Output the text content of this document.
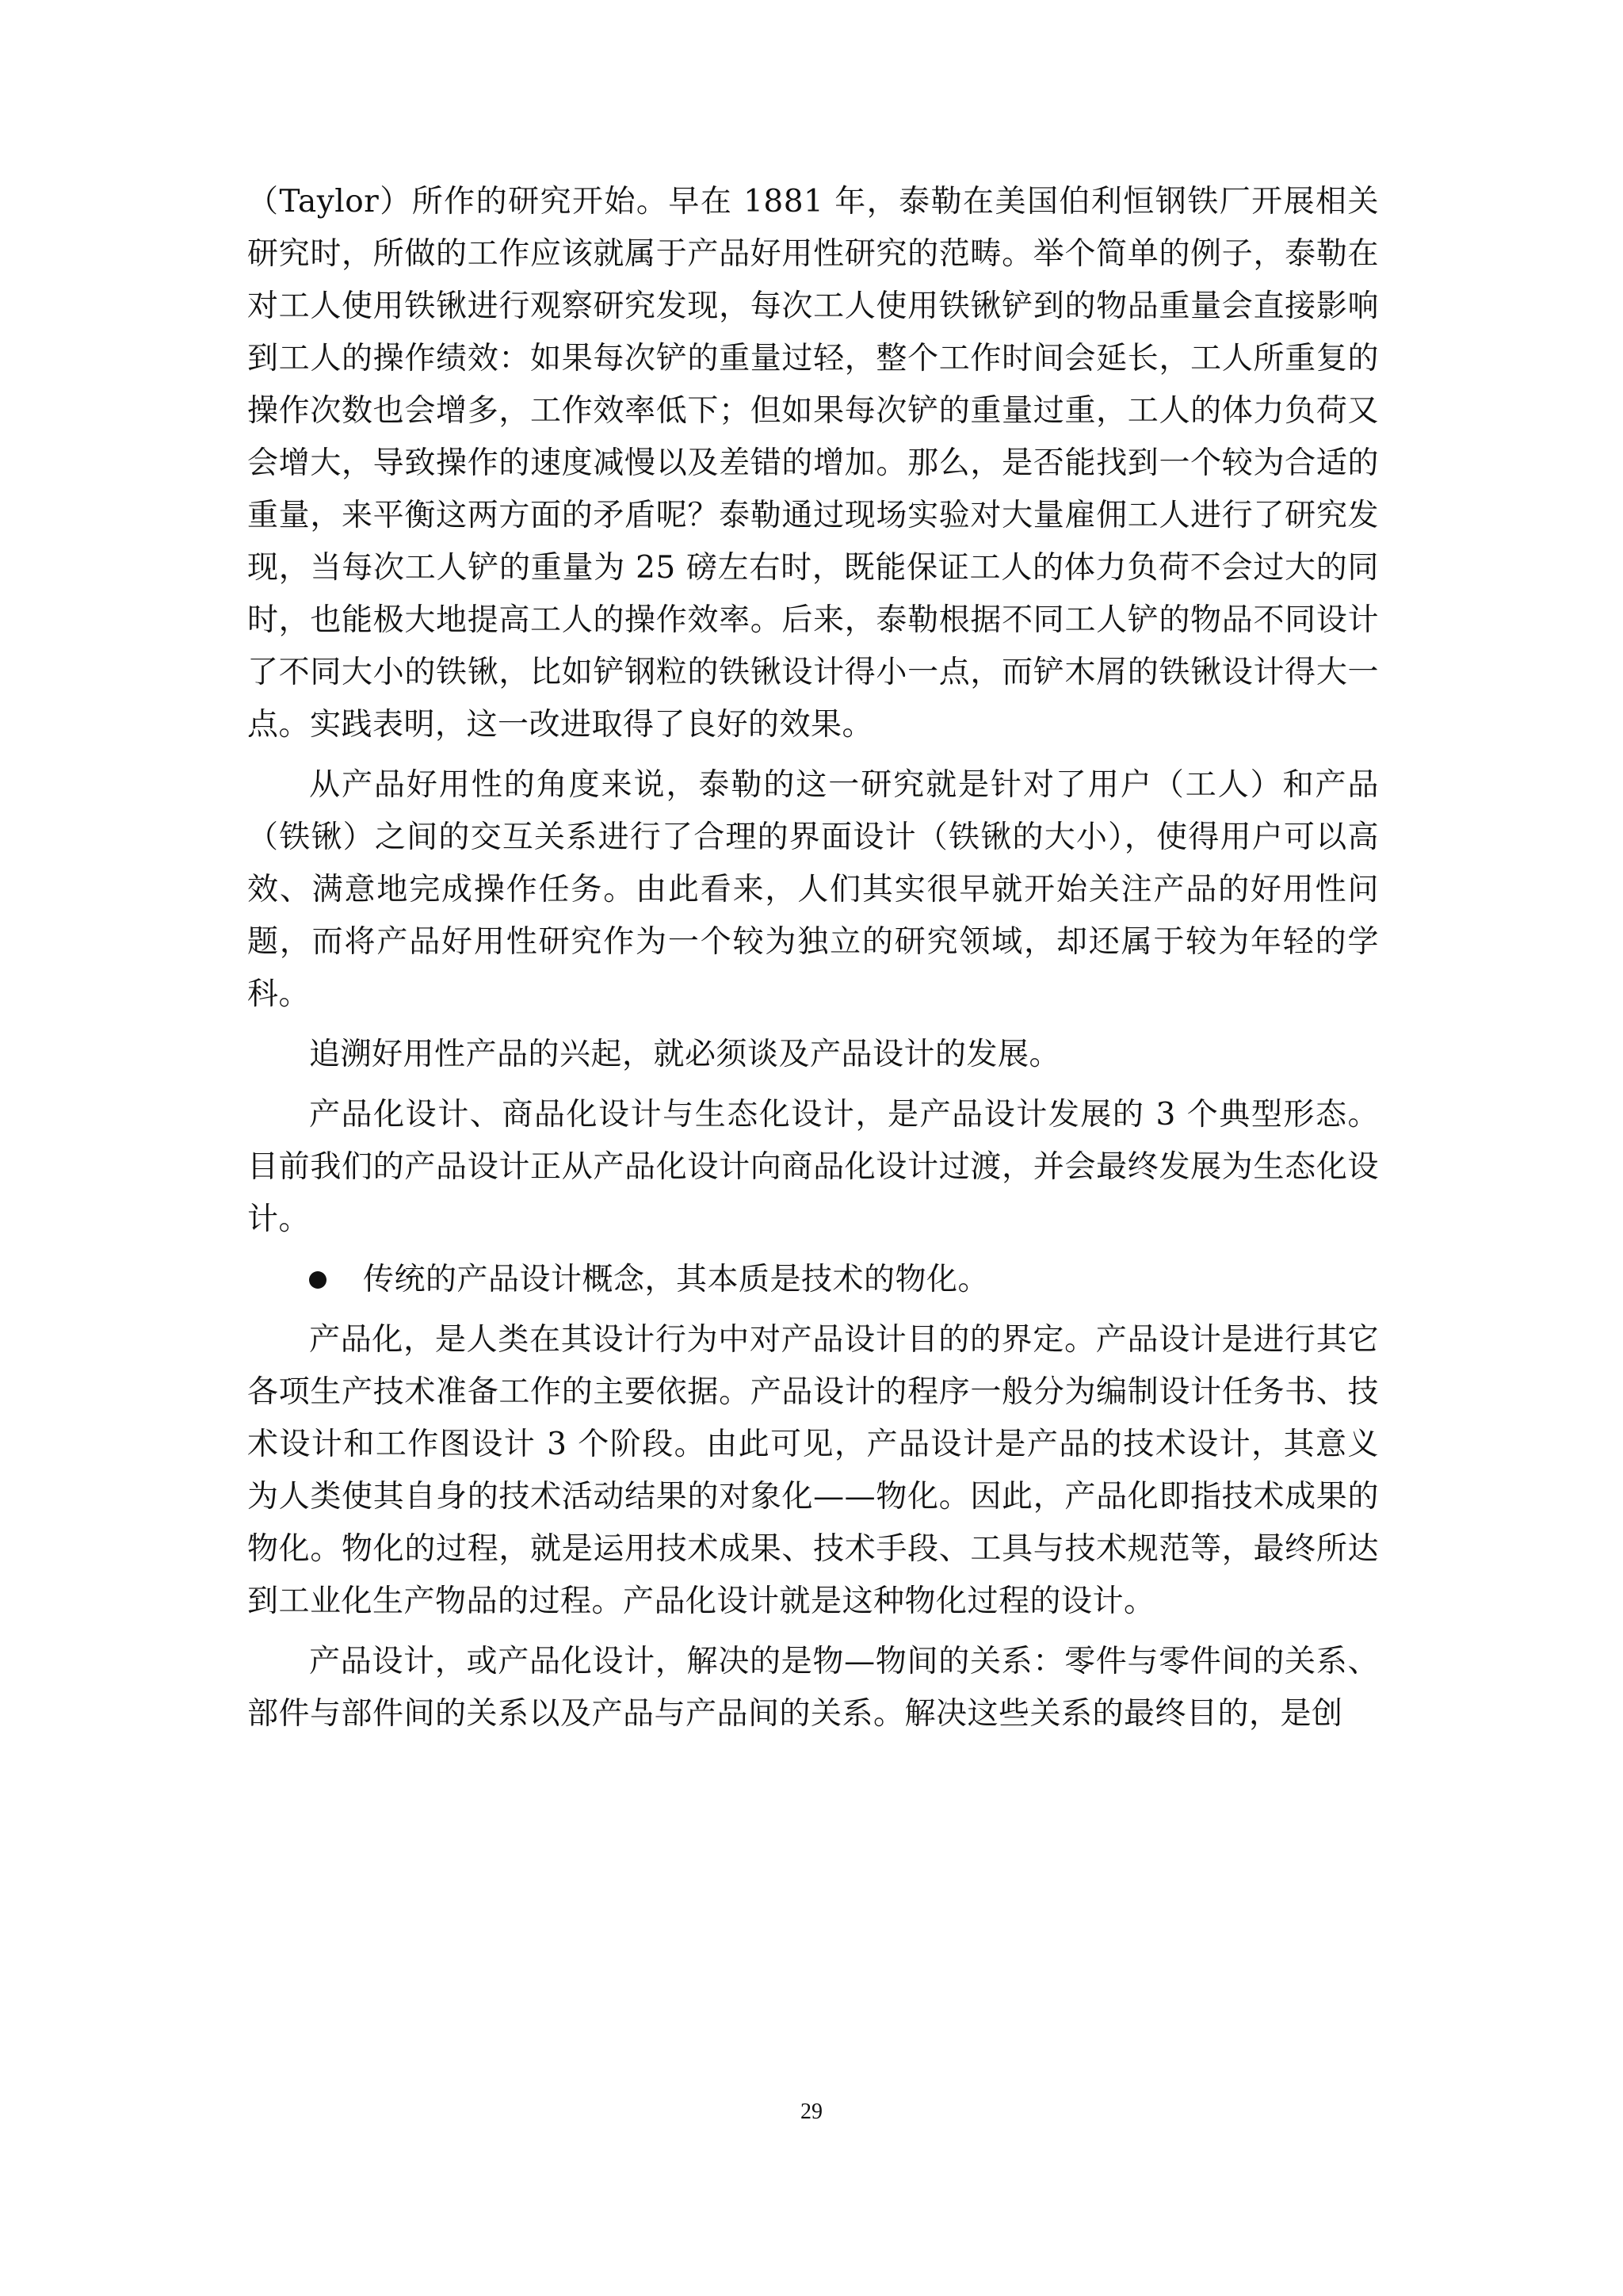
（Taylor）所作的研究开始。早在 1881 年，泰勒在美国伯利恒钢铁厂开展相关研究时，所做的工作应该就属于产品好用性研究的范畴。举个简单的例子，泰勒在对工人使用铁锹进行观察研究发现，每次工人使用铁锹铲到的物品重量会直接影响到工人的操作绩效：如果每次铲的重量过轻，整个工作时间会延长，工人所重复的操作次数也会增多，工作效率低下；但如果每次铲的重量过重，工人的体力负荷又会增大，导致操作的速度减慢以及差错的增加。那么，是否能找到一个较为合适的重量，来平衡这两方面的矛盾呢？泰勒通过现场实验对大量雇佣工人进行了研究发现，当每次工人铲的重量为 25 磅左右时，既能保证工人的体力负荷不会过大的同时，也能极大地提高工人的操作效率。后来，泰勒根据不同工人铲的物品不同设计了不同大小的铁锹，比如铲钢粒的铁锹设计得小一点，而铲木屑的铁锹设计得大一点。实践表明，这一改进取得了良好的效果。

从产品好用性的角度来说，泰勒的这一研究就是针对了用户（工人）和产品（铁锹）之间的交互关系进行了合理的界面设计（铁锹的大小），使得用户可以高效、满意地完成操作任务。由此看来，人们其实很早就开始关注产品的好用性问题，而将产品好用性研究作为一个较为独立的研究领域，却还属于较为年轻的学科。

追溯好用性产品的兴起，就必须谈及产品设计的发展。

产品化设计、商品化设计与生态化设计，是产品设计发展的 3 个典型形态。目前我们的产品设计正从产品化设计向商品化设计过渡，并会最终发展为生态化设计。

传统的产品设计概念，其本质是技术的物化。

产品化，是人类在其设计行为中对产品设计目的的界定。产品设计是进行其它各项生产技术准备工作的主要依据。产品设计的程序一般分为编制设计任务书、技术设计和工作图设计 3 个阶段。由此可见，产品设计是产品的技术设计，其意义为人类使其自身的技术活动结果的对象化——物化。因此，产品化即指技术成果的物化。物化的过程，就是运用技术成果、技术手段、工具与技术规范等，最终所达到工业化生产物品的过程。产品化设计就是这种物化过程的设计。

产品设计，或产品化设计，解决的是物—物间的关系：零件与零件间的关系、部件与部件间的关系以及产品与产品间的关系。解决这些关系的最终目的，是创

29
